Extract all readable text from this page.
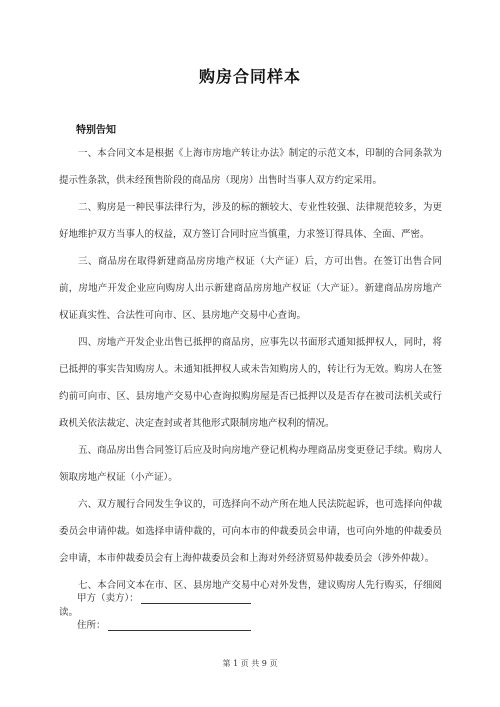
购房合同样本
特别告知

一、本合同文本是根据《上海市房地产转让办法》制定的示范文本，印制的合同条款为提示性条款，供未经预售阶段的商品房（现房）出售时当事人双方约定采用。

二、购房是一种民事法律行为，涉及的标的额较大、专业性较强、法律规范较多，为更好地维护双方当事人的权益，双方签订合同时应当慎重，力求签订得具体、全面、严密。

三、商品房在取得新建商品房房地产权证（大产证）后，方可出售。在签订出售合同前，房地产开发企业应向购房人出示新建商品房房地产权证（大产证）。新建商品房房地产权证真实性、合法性可向市、区、县房地产交易中心查询。

四、房地产开发企业出售已抵押的商品房，应事先以书面形式通知抵押权人，同时，将已抵押的事实告知购房人。未通知抵押权人或未告知购房人的，转让行为无效。购房人在签约前可向市、区、县房地产交易中心查询拟购房屋是否已抵押以及是否存在被司法机关或行政机关依法裁定、决定查封或者其他形式限制房地产权利的情况。

五、商品房出售合同签订后应及时向房地产登记机构办理商品房变更登记手续。购房人领取房地产权证（小产证）。

六、双方履行合同发生争议的，可选择向不动产所在地人民法院起诉，也可选择向仲裁委员会申请仲裁。如选择申请仲裁的，可向本市的仲裁委员会申请，也可向外地的仲裁委员会申请，本市仲裁委员会有上海仲裁委员会和上海对外经济贸易仲裁委员会（涉外仲裁）。

七、本合同文本在市、区、县房地产交易中心对外发售，建议购房人先行购买，仔细阅读。

甲方（卖方）：
住所：
第 1 页 共 9 页
